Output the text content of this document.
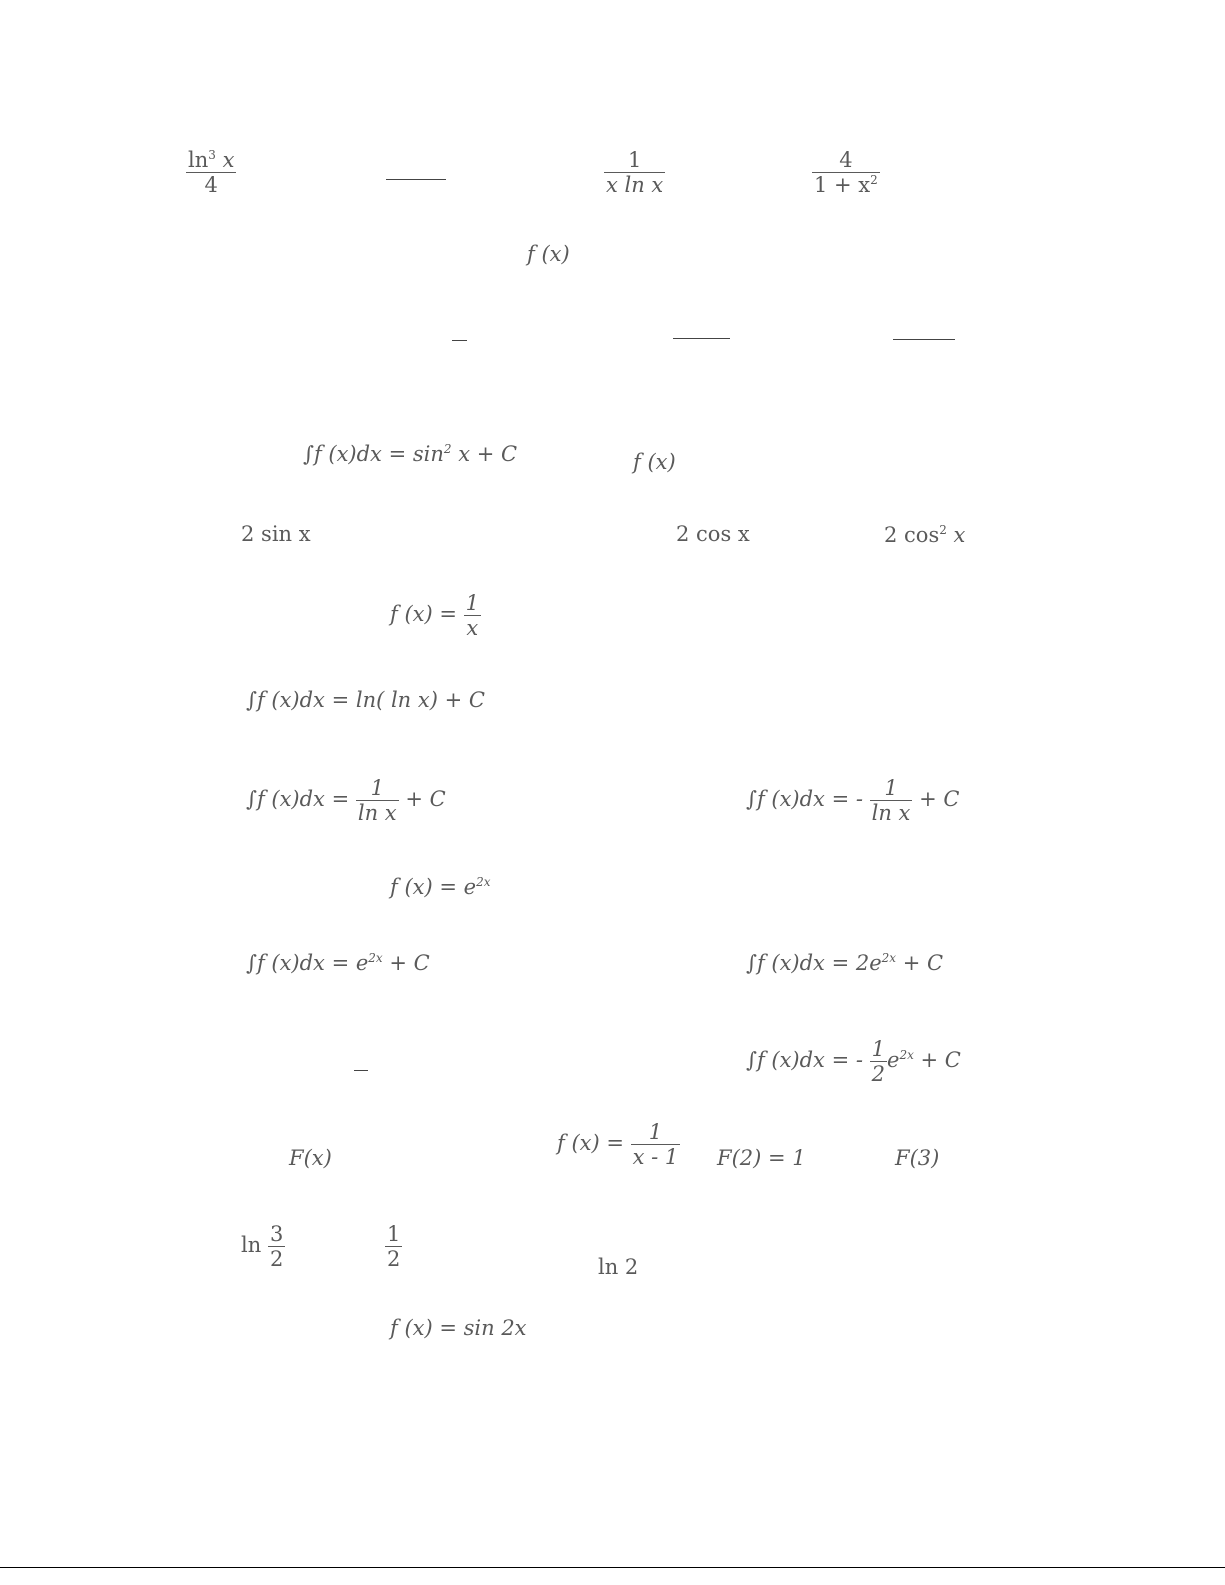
$\frac{\ln^3 x}{4}$	$\frac{1}{\text{x ln x}}$	$\frac{4}{1 + x^2}$
f (x)
∫f $(x)dx = \sin^2 x + C$	f (x)
2 sin x	2 cos x	2 $\cos^2 x$
f $(x) = \frac{1}{x}$
∫f (x)dx = ln( ln x) + C
∫f $(x)dx = \frac{1}{\text{ln x}} + C$	∫f (x)dx = - $\frac{1}{\text{ln x}} + C$
f $(x) = e^{2x}$
∫f $(x)dx = e^{2x} + C$	∫f $(x)dx = 2e^{2x} + C$
∫f (x)dx = - $\frac{1}{2} e^{2x} + C$
F(x)
f $(x) = \frac{1}{x - 1} F(2) = 1$	F(3)
$\ln \frac{3}{2}$	$\frac{1}{2}$	ln 2
f (x) = sin 2x
